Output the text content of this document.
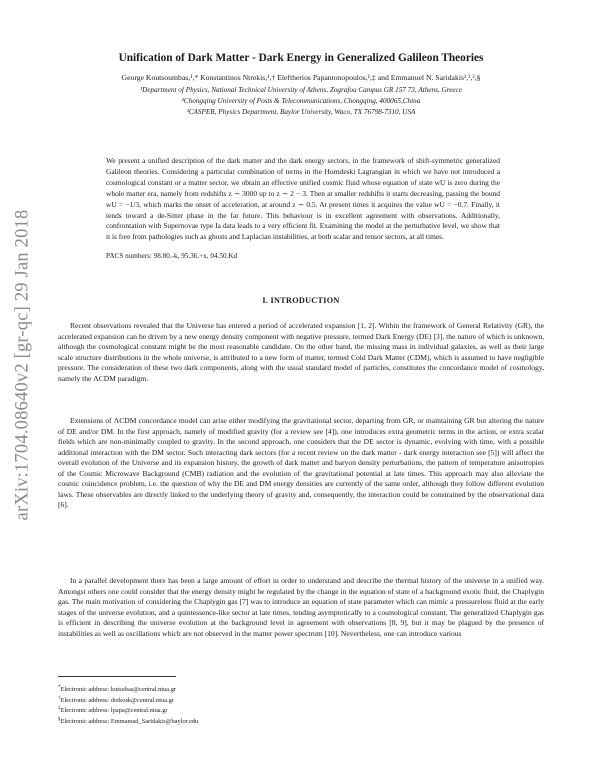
arXiv:1704.08640v2 [gr-qc] 29 Jan 2018
Unification of Dark Matter - Dark Energy in Generalized Galileon Theories
George Koutsoumbas,¹,* Konstantinos Ntrekis,¹,† Eleftherios Papantonopoulos,¹,‡ and Emmanuel N. Saridakis¹,²,³,§
¹Department of Physics, National Technical University of Athens, Zografou Campus GR 157 73, Athens, Greece
²Chongqing University of Posts & Telecommunications, Chongqing, 400065,China
³CASPER, Physics Department, Baylor University, Waco, TX 76798-7310, USA

We present a unified description of the dark matter and the dark energy sectors, in the framework of shift-symmetric generalized Galileon theories. Considering a particular combination of terms in the Horndeski Lagrangian in which we have not introduced a cosmological constant or a matter sector, we obtain an effective unified cosmic fluid whose equation of state wU is zero during the whole matter era, namely from redshifts z ∼ 3000 up to z ∼ 2 − 3. Then at smaller redshifts it starts decreasing, passing the bound wU = −1/3, which marks the onset of acceleration, at around z ∼ 0.5. At present times it acquires the value wU = −0.7. Finally, it tends toward a de-Sitter phase in the far future. This behaviour is in excellent agreement with observations. Additionally, confrontation with Supernovae type Ia data leads to a very efficient fit. Examining the model at the perturbative level, we show that it is free from pathologies such as ghosts and Laplacian instabilities, at both scalar and tensor sectors, at all times.

PACS numbers: 98.80.-k, 95.36.+x, 04.50.Kd
I. INTRODUCTION

Recent observations revealed that the Universe has entered a period of accelerated expansion [1, 2]. Within the framework of General Relativity (GR), the accelerated expansion can be driven by a new energy density component with negative pressure, termed Dark Energy (DE) [3], the nature of which is unknown, although the cosmological constant might be the most reasonable candidate. On the other hand, the missing mass in individual galaxies, as well as their large scale structure distributions in the whole universe, is attributed to a new form of matter, termed Cold Dark Matter (CDM), which is assumed to have negligible pressure. The consideration of these two dark components, along with the usual standard model of particles, constitutes the concordance model of cosmology, namely the ΛCDM paradigm.

Extensions of ΛCDM concordance model can arise either modifying the gravitational sector, departing from GR, or maintaining GR but altering the nature of DE and/or DM. In the first approach, namely of modified gravity (for a review see [4]), one introduces extra geometric terms in the action, or extra scalar fields which are non-minimally coupled to gravity. In the second approach, one considers that the DE sector is dynamic, evolving with time, with a possible additional interaction with the DM sector. Such interacting dark sectors (for a recent review on the dark matter - dark energy interaction see [5]) will affect the overall evolution of the Universe and its expansion history, the growth of dark matter and baryon density perturbations, the pattern of temperature anisotropies of the Cosmic Microwave Background (CMB) radiation and the evolution of the gravitational potential at late times. This approach may also alleviate the cosmic coincidence problem, i.e. the question of why the DE and DM energy densities are currently of the same order, although they follow different evolution laws. These observables are directly linked to the underlying theory of gravity and, consequently, the interaction could be constrained by the observational data [6].

In a parallel development there has been a large amount of effort in order to understand and describe the thermal history of the universe in a unified way. Amongst others one could consider that the energy density might be regulated by the change in the equation of state of a background exotic fluid, the Chaplygin gas. The main motivation of considering the Chaplygin gas [7] was to introduce an equation of state parameter which can mimic a pressureless fluid at the early stages of the universe evolution, and a quintessence-like sector at late times, tending asymptotically to a cosmological constant. The generalized Chaplygin gas is efficient in describing the universe evolution at the background level in agreement with observations [8, 9], but it may be plagued by the presence of instabilities as well as oscillations which are not observed in the matter power spectrum [10]. Nevertheless, one can introduce various

*Electronic address: kutsubas@central.ntua.gr
†Electronic address: drekosk@central.ntua.gr
‡Electronic address: lpapa@central.ntua.gr
§Electronic address: Emmanuel_Saridakis@baylor.edu
